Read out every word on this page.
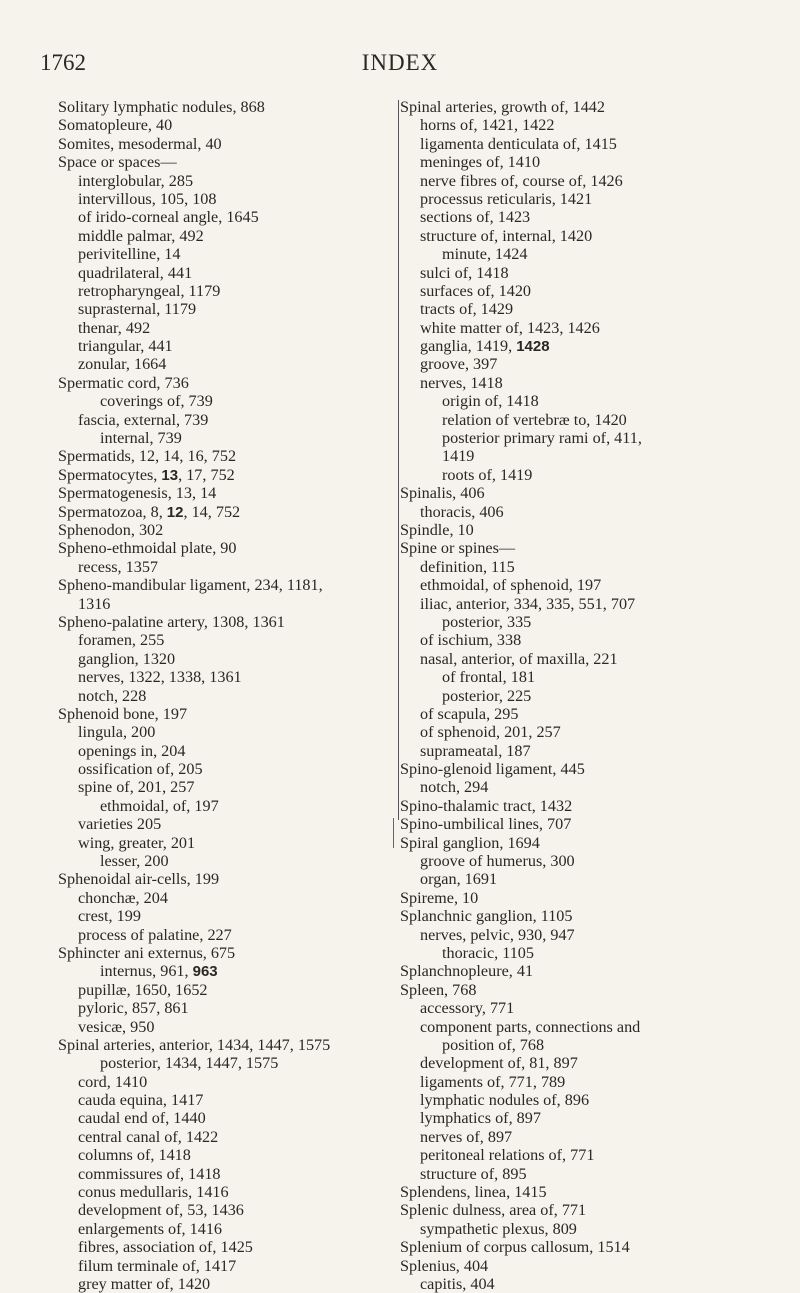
1762	INDEX
Solitary lymphatic nodules, 868
Somatopleure, 40
Somites, mesodermal, 40
Space or spaces—
interglobular, 285
intervillous, 105, 108
of irido-corneal angle, 1645
middle palmar, 492
perivitelline, 14
quadrilateral, 441
retropharyngeal, 1179
suprasternal, 1179
thenar, 492
triangular, 441
zonular, 1664
Spermatic cord, 736
coverings of, 739
fascia, external, 739
internal, 739
Spermatids, 12, 14, 16, 752
Spermatocytes, 13, 17, 752
Spermatogenesis, 13, 14
Spermatozoa, 8, 12, 14, 752
Sphenodon, 302
Spheno-ethmoidal plate, 90
recess, 1357
Spheno-mandibular ligament, 234, 1181,
1316
Spheno-palatine artery, 1308, 1361
foramen, 255
ganglion, 1320
nerves, 1322, 1338, 1361
notch, 228
Sphenoid bone, 197
lingula, 200
openings in, 204
ossification of, 205
spine of, 201, 257
ethmoidal, of, 197
varieties 205
wing, greater, 201
lesser, 200
Sphenoidal air-cells, 199
chonchæ, 204
crest, 199
process of palatine, 227
Sphincter ani externus, 675
internus, 961, 963
pupillæ, 1650, 1652
pyloric, 857, 861
vesicæ, 950
Spinal arteries, anterior, 1434, 1447, 1575
posterior, 1434, 1447, 1575
cord, 1410
cauda equina, 1417
caudal end of, 1440
central canal of, 1422
columns of, 1418
commissures of, 1418
conus medullaris, 1416
development of, 53, 1436
enlargements of, 1416
fibres, association of, 1425
filum terminale of, 1417
grey matter of, 1420
Spinal arteries, growth of, 1442
horns of, 1421, 1422
ligamenta denticulata of, 1415
meninges of, 1410
nerve fibres of, course of, 1426
processus reticularis, 1421
sections of, 1423
structure of, internal, 1420
minute, 1424
sulci of, 1418
surfaces of, 1420
tracts of, 1429
white matter of, 1423, 1426
ganglia, 1419, 1428
groove, 397
nerves, 1418
origin of, 1418
relation of vertebræ to, 1420
posterior primary rami of, 411,
1419
roots of, 1419
Spinalis, 406
thoracis, 406
Spindle, 10
Spine or spines—
definition, 115
ethmoidal, of sphenoid, 197
iliac, anterior, 334, 335, 551, 707
posterior, 335
of ischium, 338
nasal, anterior, of maxilla, 221
of frontal, 181
posterior, 225
of scapula, 295
of sphenoid, 201, 257
suprameatal, 187
Spino-glenoid ligament, 445
notch, 294
Spino-thalamic tract, 1432
Spino-umbilical lines, 707
Spiral ganglion, 1694
groove of humerus, 300
organ, 1691
Spireme, 10
Splanchnic ganglion, 1105
nerves, pelvic, 930, 947
thoracic, 1105
Splanchnopleure, 41
Spleen, 768
accessory, 771
component parts, connections and
position of, 768
development of, 81, 897
ligaments of, 771, 789
lymphatic nodules of, 896
lymphatics of, 897
nerves of, 897
peritoneal relations of, 771
structure of, 895
Splendens, linea, 1415
Splenic dulness, area of, 771
sympathetic plexus, 809
Splenium of corpus callosum, 1514
Splenius, 404
capitis, 404
